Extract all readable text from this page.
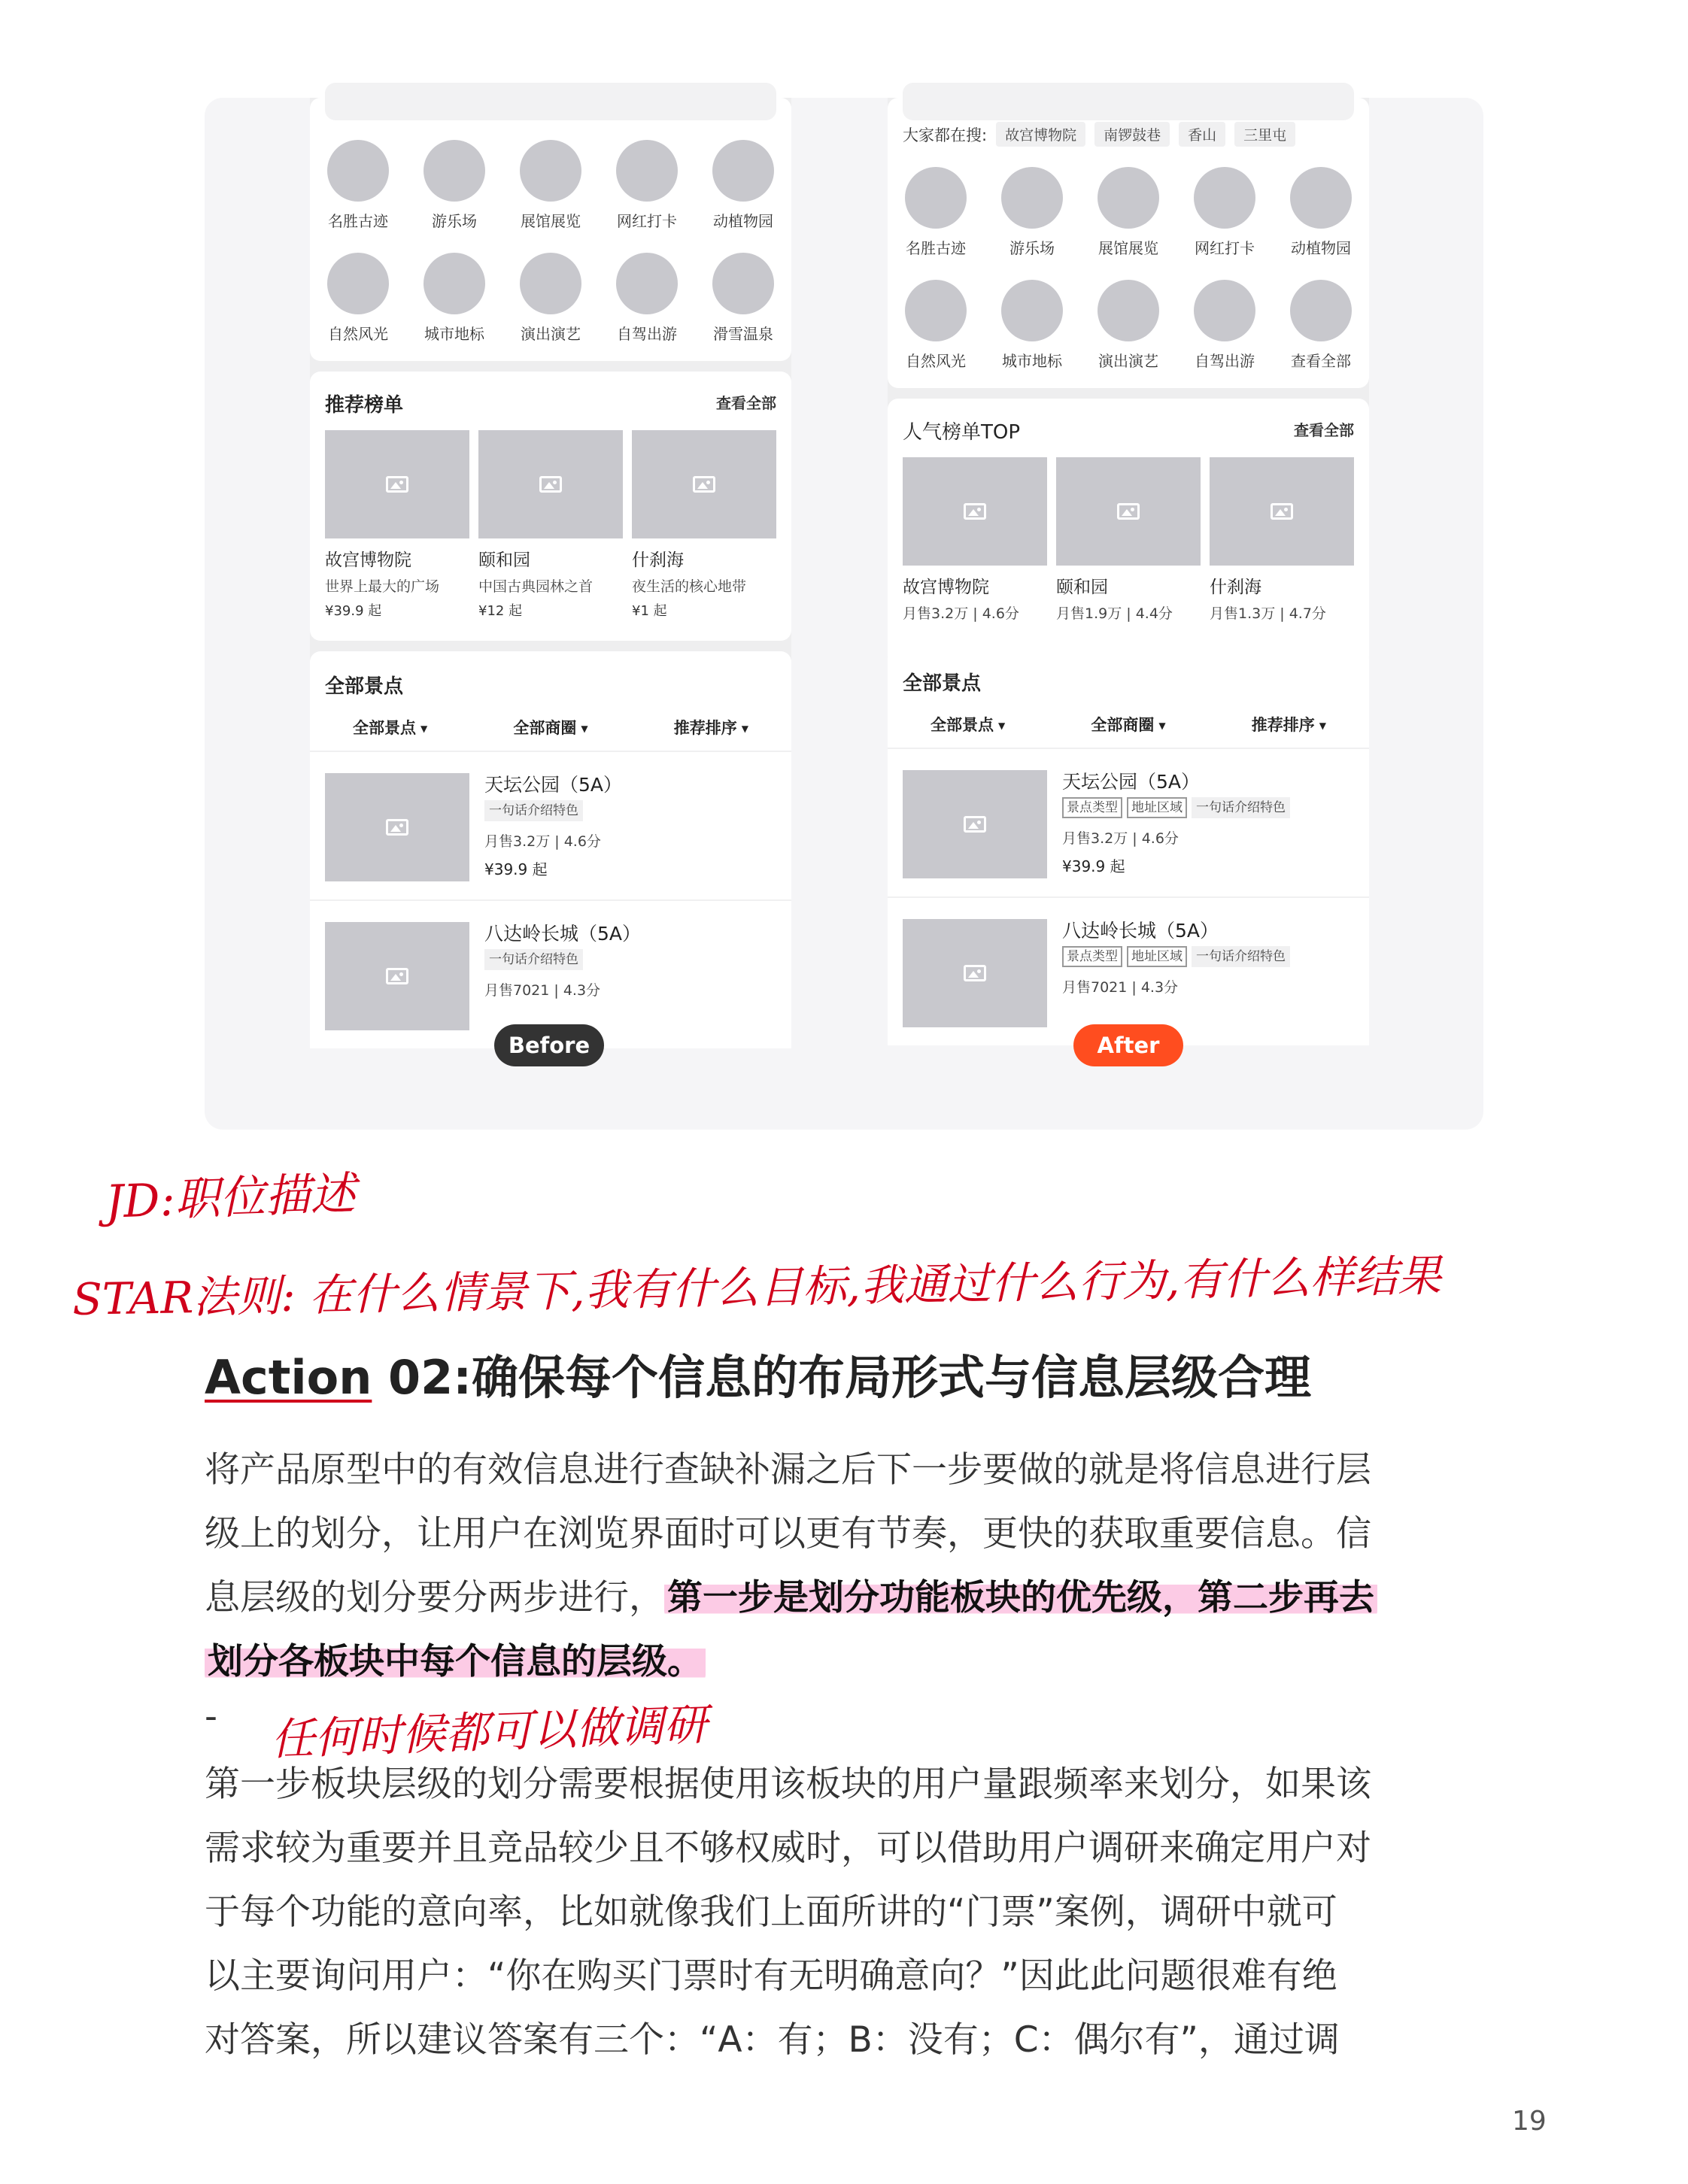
名胜古迹	游乐场	展馆展览	网红打卡	动植物园
自然风光	城市地标	演出演艺	自驾出游	滑雪温泉
推荐榜单	查看全部
故宫博物院
世界上最大的广场
¥39.9 起
颐和园
中国古典园林之首
¥12 起
什刹海
夜生活的核心地带
¥1 起
全部景点
全部景点 ▼	全部商圈 ▼	推荐排序 ▼
天坛公园（5A）
一句话介绍特色
月售3.2万 | 4.6分
¥39.9 起
八达岭长城（5A）
一句话介绍特色
月售7021 | 4.3分
大家都在搜:	故宫博物院	南锣鼓巷	香山	三里屯
名胜古迹	游乐场	展馆展览	网红打卡	动植物园
自然风光	城市地标	演出演艺	自驾出游	查看全部
人气榜单TOP	查看全部
故宫博物院
月售3.2万 | 4.6分
颐和园
月售1.9万 | 4.4分
什刹海
月售1.3万 | 4.7分
全部景点
全部景点 ▼	全部商圈 ▼	推荐排序 ▼
天坛公园（5A）
景点类型	地址区域	一句话介绍特色
月售3.2万 | 4.6分
¥39.9 起
八达岭长城（5A）
景点类型	地址区域	一句话介绍特色
月售7021 | 4.3分
Before	After
JD:职位描述
STAR法则: 在什么情景下,我有什么目标,我通过什么行为,有什么样结果
任何时候都可以做调研
Action 02:确保每个信息的布局形式与信息层级合理
将产品原型中的有效信息进行查缺补漏之后下一步要做的就是将信息进行层
级上的划分，让用户在浏览界面时可以更有节奏，更快的获取重要信息。信
息层级的划分要分两步进行，第一步是划分功能板块的优先级，第二步再去
划分各板块中每个信息的层级。
-
第一步板块层级的划分需要根据使用该板块的用户量跟频率来划分，如果该
需求较为重要并且竞品较少且不够权威时，可以借助用户调研来确定用户对
于每个功能的意向率，比如就像我们上面所讲的“门票”案例，调研中就可
以主要询问用户：“你在购买门票时有无明确意向？”因此此问题很难有绝
对答案，所以建议答案有三个：“A：有；B：没有；C：偶尔有”，通过调
19
